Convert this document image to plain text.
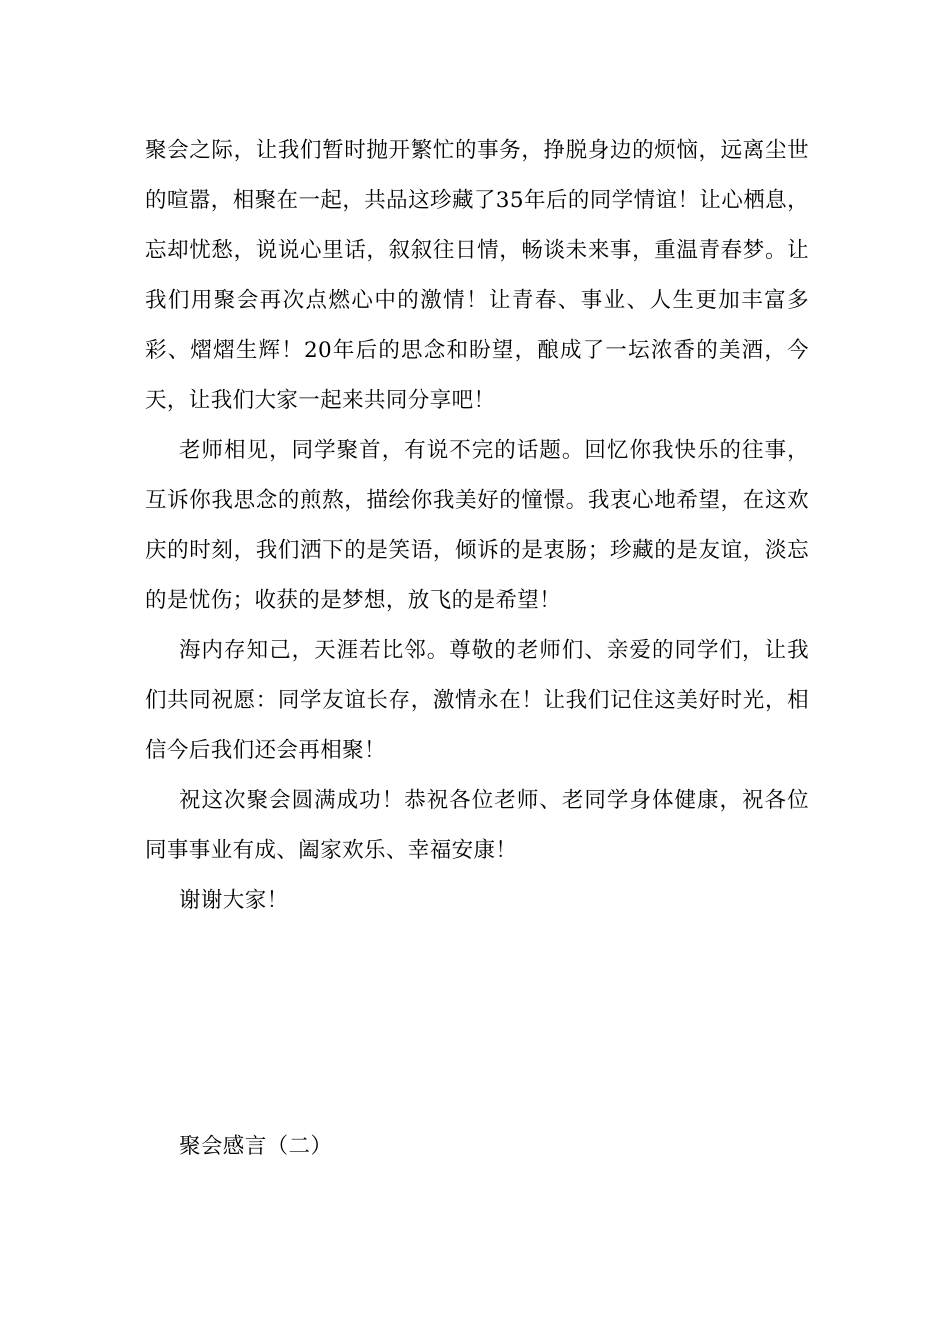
聚会之际，让我们暂时抛开繁忙的事务，挣脱身边的烦恼，远离尘世的喧嚣，相聚在一起，共品这珍藏了35年后的同学情谊！让心栖息，忘却忧愁，说说心里话，叙叙往日情，畅谈未来事，重温青春梦。让我们用聚会再次点燃心中的激情！让青春、事业、人生更加丰富多彩、熠熠生辉！20年后的思念和盼望，酿成了一坛浓香的美酒，今天，让我们大家一起来共同分享吧！

老师相见，同学聚首，有说不完的话题。回忆你我快乐的往事，互诉你我思念的煎熬，描绘你我美好的憧憬。我衷心地希望，在这欢庆的时刻，我们洒下的是笑语，倾诉的是衷肠；珍藏的是友谊，淡忘的是忧伤；收获的是梦想，放飞的是希望！

海内存知己，天涯若比邻。尊敬的老师们、亲爱的同学们，让我们共同祝愿：同学友谊长存，激情永在！让我们记住这美好时光，相信今后我们还会再相聚！

祝这次聚会圆满成功！恭祝各位老师、老同学身体健康，祝各位同事事业有成、阖家欢乐、幸福安康！

谢谢大家！

聚会感言（二）
